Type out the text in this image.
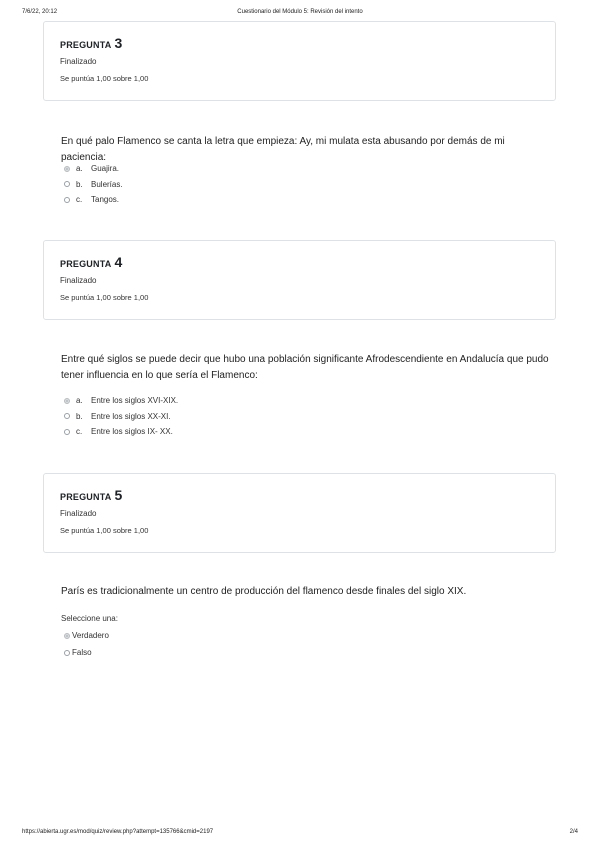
7/6/22, 20:12	Cuestionario del Módulo 5: Revisión del intento
PREGUNTA 3
Finalizado
Se puntúa 1,00 sobre 1,00
En qué palo Flamenco se canta la letra que empieza: Ay, mi mulata esta abusando por demás de mi paciencia:
a.	Guajira.
b.	Bulerías.
c.	Tangos.
PREGUNTA 4
Finalizado
Se puntúa 1,00 sobre 1,00
Entre qué siglos se puede decir que hubo una población significante Afrodescendiente en Andalucía que pudo tener influencia en lo que sería el Flamenco:
a.	Entre los siglos XVI-XIX.
b.	Entre los siglos XX-XI.
c.	Entre los siglos IX- XX.
PREGUNTA 5
Finalizado
Se puntúa 1,00 sobre 1,00
París es tradicionalmente un centro de producción del flamenco desde finales del siglo XIX.
Seleccione una:
Verdadero
Falso
https://abierta.ugr.es/mod/quiz/review.php?attempt=135766&cmid=2197	2/4
